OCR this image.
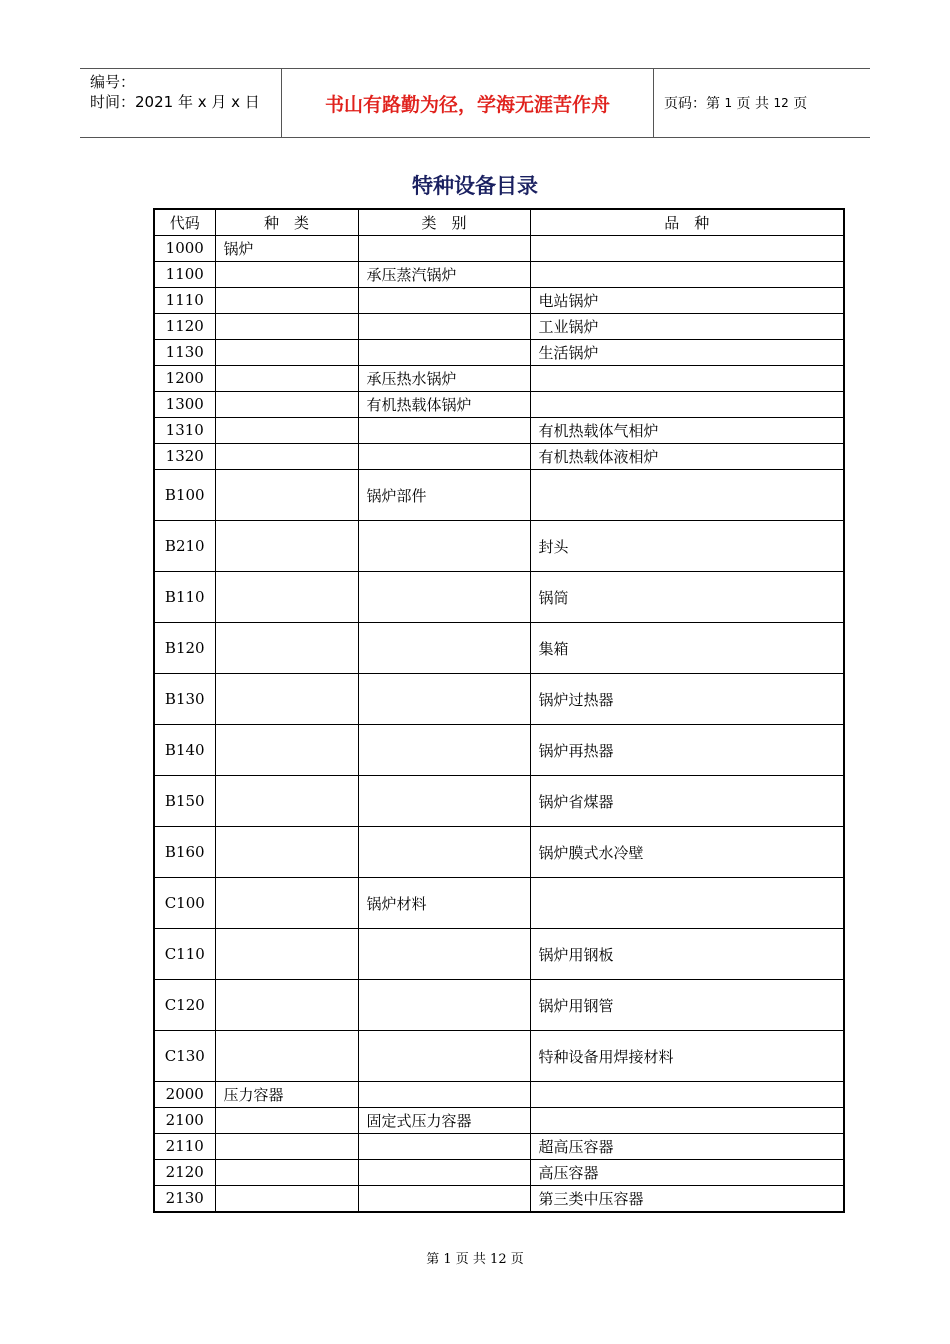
编号：
时间：2021 年 x 月 x 日	书山有路勤为径，学海无涯苦作舟	页码：第
1
页 共
12
页
特种设备目录
代码	种　类	类　别	品　种
1000	锅炉		
1100		承压蒸汽锅炉	
1110			电站锅炉
1120			工业锅炉
1130			生活锅炉
1200		承压热水锅炉	
1300		有机热载体锅炉	
1310			有机热载体气相炉
1320			有机热载体液相炉
B100		锅炉部件	
B210			封头
B110			锅筒
B120			集箱
B130			锅炉过热器
B140			锅炉再热器
B150			锅炉省煤器
B160			锅炉膜式水冷壁
C100		锅炉材料	
C110			锅炉用钢板
C120			锅炉用钢管
C130			特种设备用焊接材料
2000	压力容器		
2100		固定式压力容器	
2110			超高压容器
2120			高压容器
2130			第三类中压容器
第 1 页 共 12 页
